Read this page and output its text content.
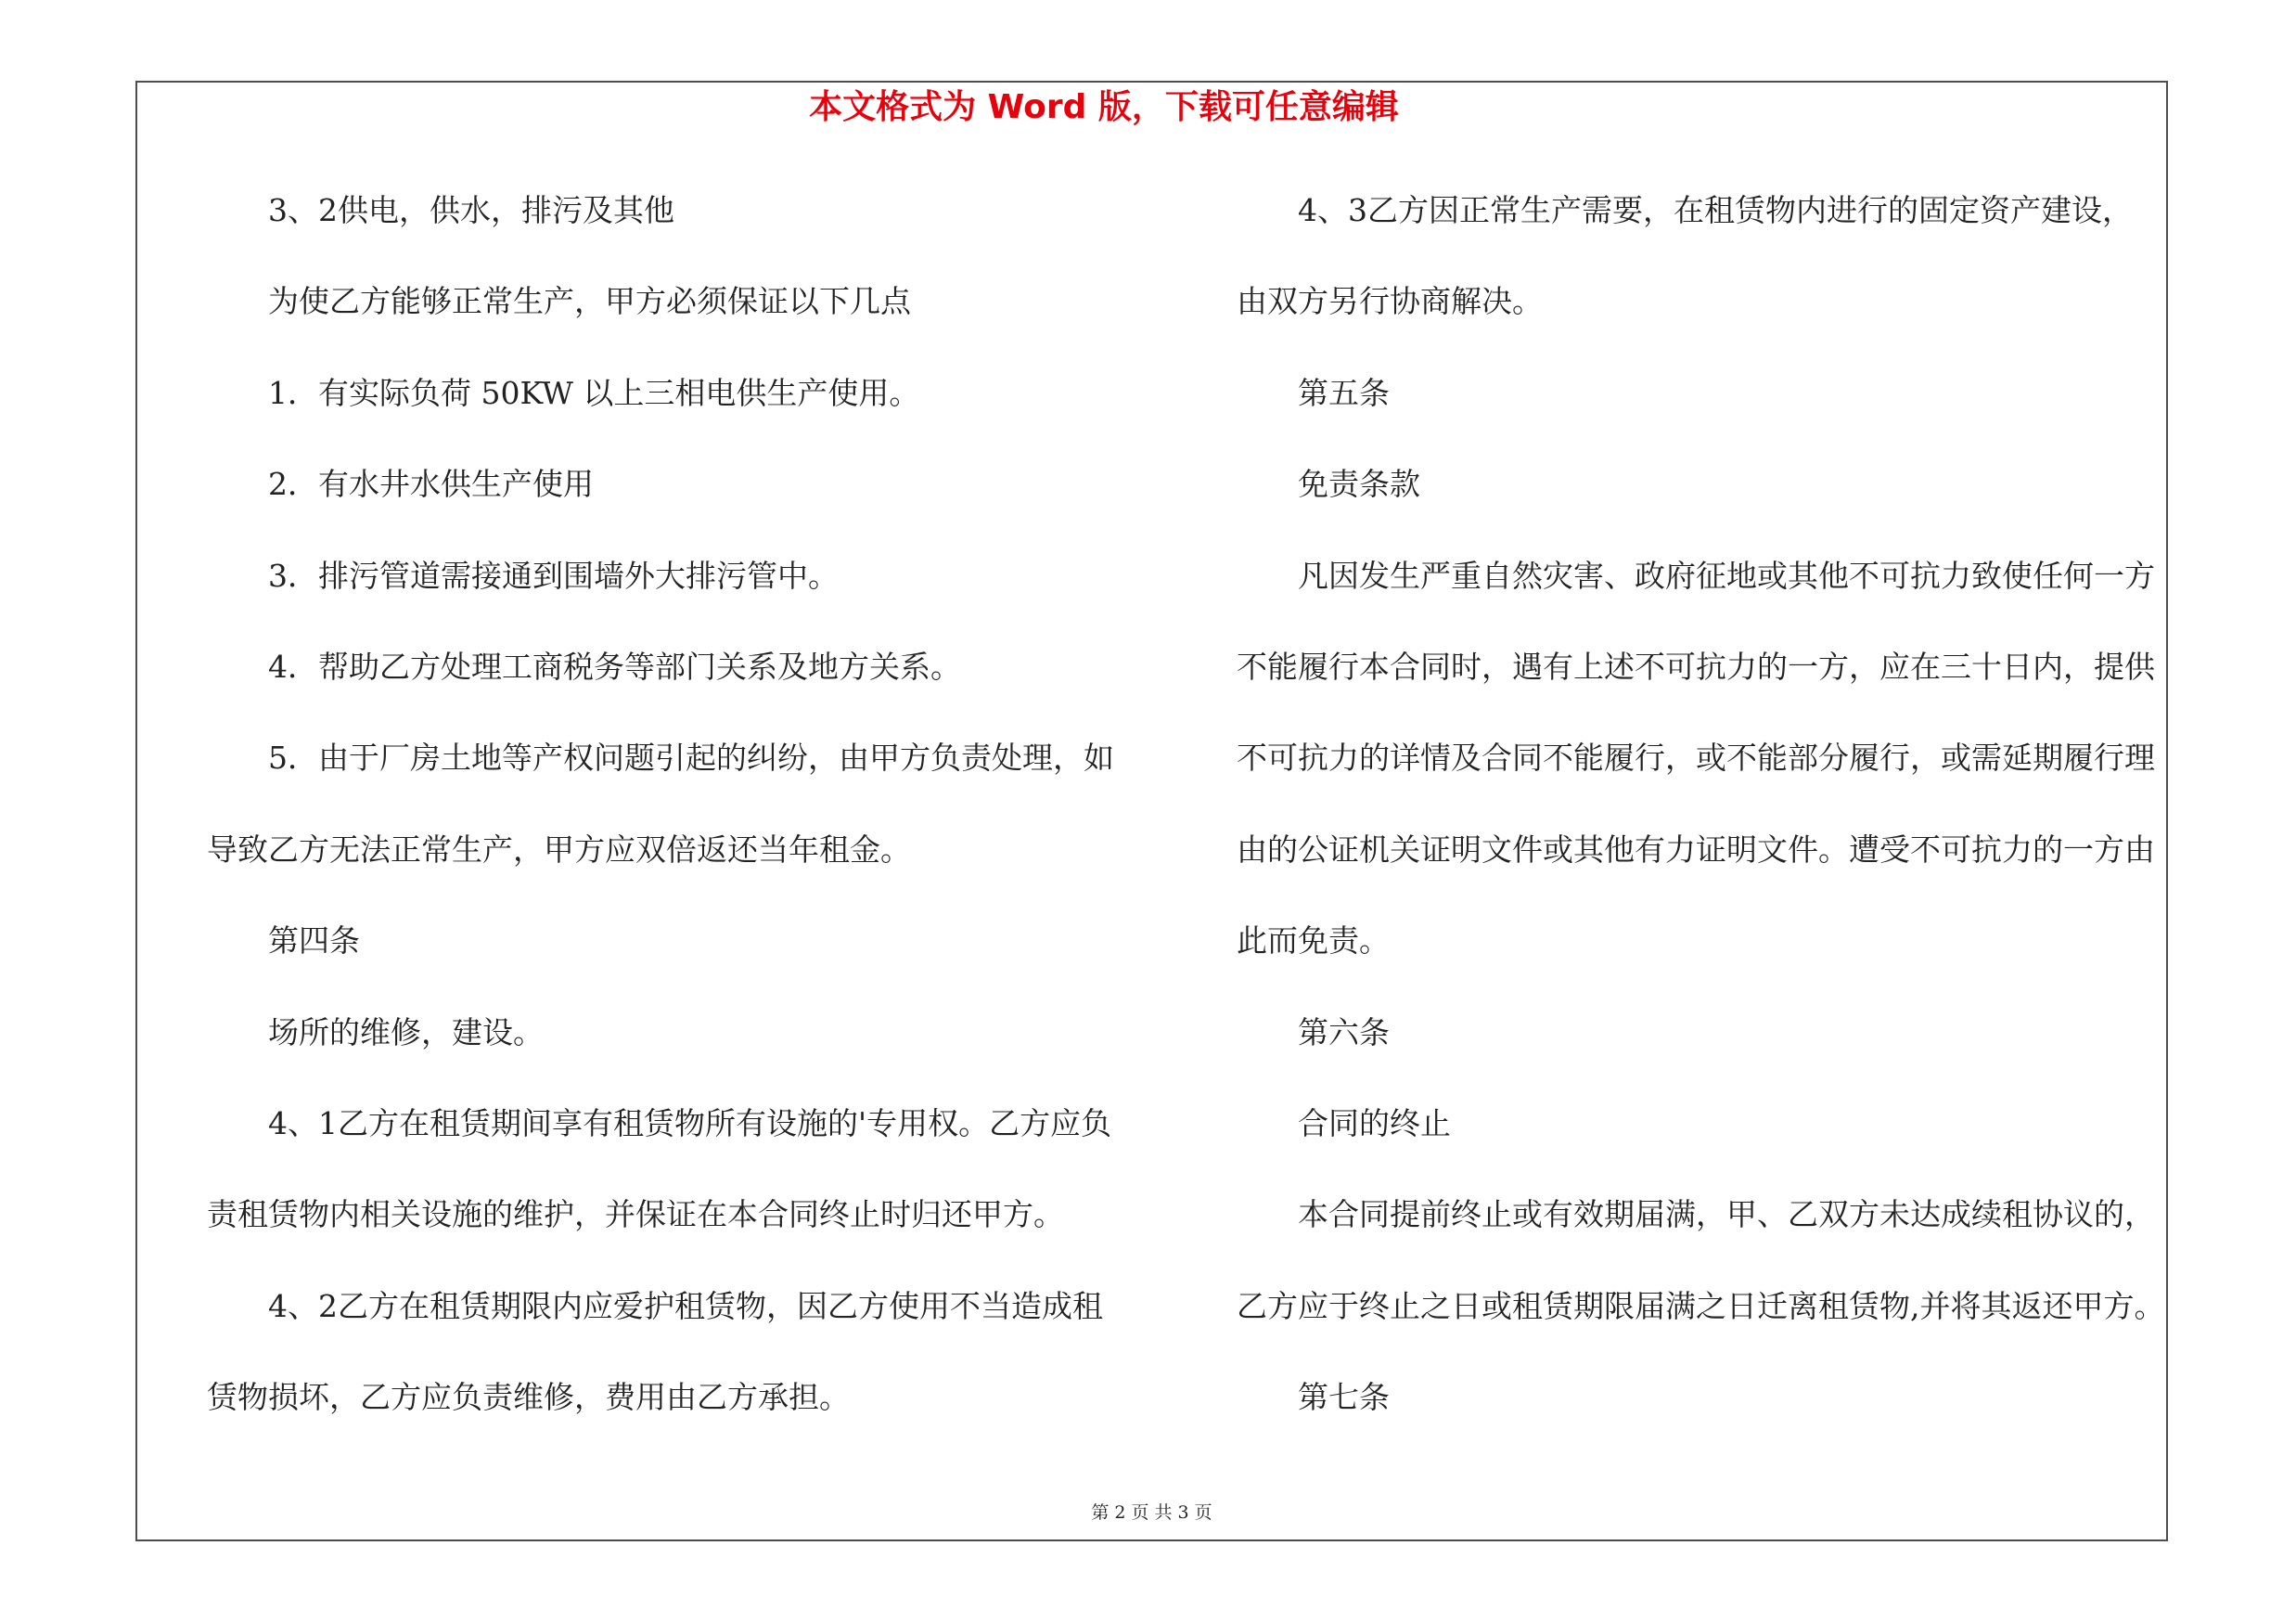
本文格式为 Word 版，下载可任意编辑
3、2供电，供水，排污及其他
为使乙方能够正常生产，甲方必须保证以下几点
1．有实际负荷 50KW 以上三相电供生产使用。
2．有水井水供生产使用
3．排污管道需接通到围墙外大排污管中。
4．帮助乙方处理工商税务等部门关系及地方关系。
5．由于厂房土地等产权问题引起的纠纷，由甲方负责处理，如
导致乙方无法正常生产，甲方应双倍返还当年租金。
第四条
场所的维修，建设。
4、1乙方在租赁期间享有租赁物所有设施的'专用权。乙方应负
责租赁物内相关设施的维护，并保证在本合同终止时归还甲方。
4、2乙方在租赁期限内应爱护租赁物，因乙方使用不当造成租
赁物损坏，乙方应负责维修，费用由乙方承担。
4、3乙方因正常生产需要，在租赁物内进行的固定资产建设，
由双方另行协商解决。
第五条
免责条款
凡因发生严重自然灾害、政府征地或其他不可抗力致使任何一方
不能履行本合同时，遇有上述不可抗力的一方，应在三十日内，提供
不可抗力的详情及合同不能履行，或不能部分履行，或需延期履行理
由的公证机关证明文件或其他有力证明文件。遭受不可抗力的一方由
此而免责。
第六条
合同的终止
本合同提前终止或有效期届满，甲、乙双方未达成续租协议的，
乙方应于终止之日或租赁期限届满之日迁离租赁物,并将其返还甲方。
第七条
第 2 页 共 3 页
